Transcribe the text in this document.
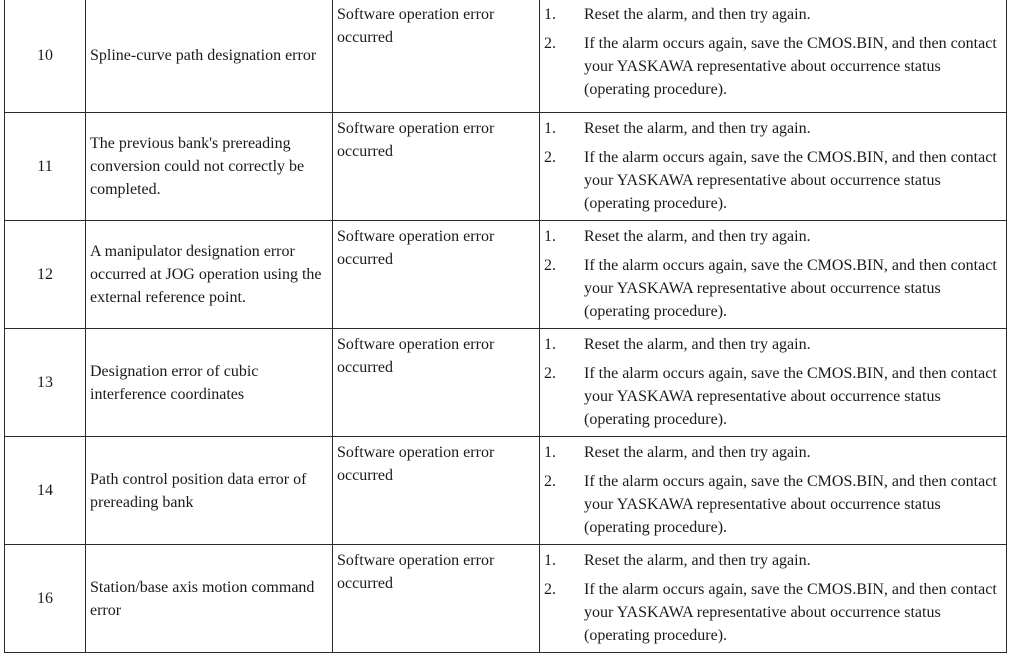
10	Spline-curve path designation error	Software operation error occurred	1. Reset the alarm, and then try again.
2. If the alarm occurs again, save the CMOS.BIN, and then contact your YASKAWA representative about occurrence status (operating procedure).

11	The previous bank's prereading conversion could not correctly be completed.	Software operation error occurred	1. Reset the alarm, and then try again.
2. If the alarm occurs again, save the CMOS.BIN, and then contact your YASKAWA representative about occurrence status (operating procedure).

12	A manipulator designation error occurred at JOG operation using the external reference point.	Software operation error occurred	1. Reset the alarm, and then try again.
2. If the alarm occurs again, save the CMOS.BIN, and then contact your YASKAWA representative about occurrence status (operating procedure).

13	Designation error of cubic interference coordinates	Software operation error occurred	1. Reset the alarm, and then try again.
2. If the alarm occurs again, save the CMOS.BIN, and then contact your YASKAWA representative about occurrence status (operating procedure).

14	Path control position data error of prereading bank	Software operation error occurred	1. Reset the alarm, and then try again.
2. If the alarm occurs again, save the CMOS.BIN, and then contact your YASKAWA representative about occurrence status (operating procedure).

16	Station/base axis motion command error	Software operation error occurred	1. Reset the alarm, and then try again.
2. If the alarm occurs again, save the CMOS.BIN, and then contact your YASKAWA representative about occurrence status (operating procedure).
